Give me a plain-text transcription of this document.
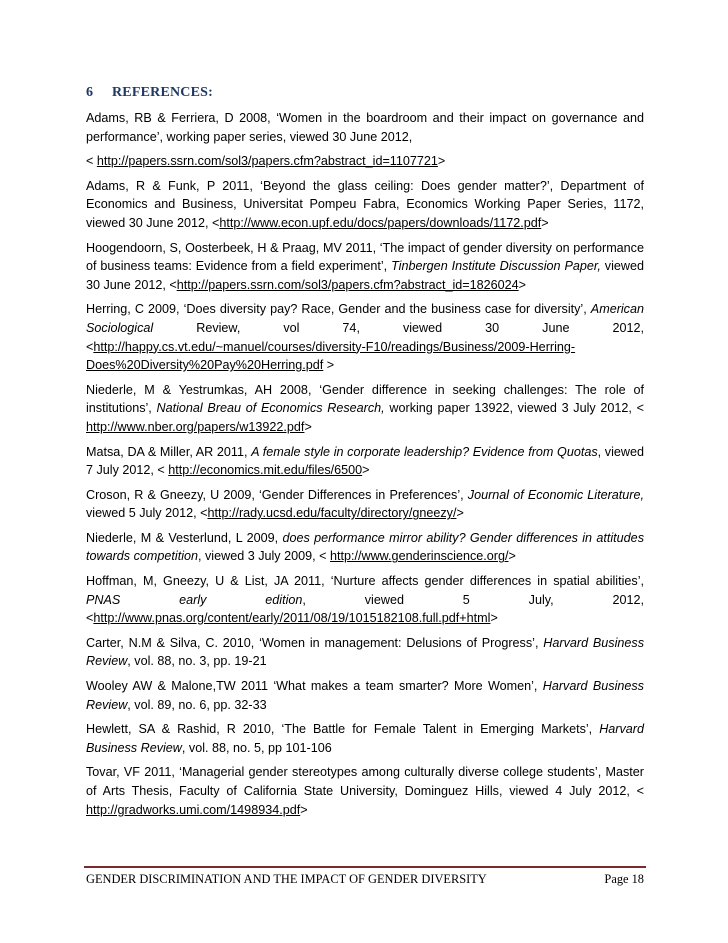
6 REFERENCES:

Adams, RB & Ferriera, D 2008, ‘Women in the boardroom and their impact on governance and performance’, working paper series, viewed 30 June 2012,

< http://papers.ssrn.com/sol3/papers.cfm?abstract_id=1107721>

Adams, R & Funk, P 2011, ‘Beyond the glass ceiling: Does gender matter?’, Department of Economics and Business, Universitat Pompeu Fabra, Economics Working Paper Series, 1172, viewed 30 June 2012, <http://www.econ.upf.edu/docs/papers/downloads/1172.pdf>

Hoogendoorn, S, Oosterbeek, H & Praag, MV 2011, ‘The impact of gender diversity on performance of business teams: Evidence from a field experiment’, Tinbergen Institute Discussion Paper, viewed 30 June 2012, <http://papers.ssrn.com/sol3/papers.cfm?abstract_id=1826024>

Herring, C 2009, ‘Does diversity pay? Race, Gender and the business case for diversity’, American Sociological Review, vol 74, viewed 30 June 2012, <http://happy.cs.vt.edu/~manuel/courses/diversity-F10/readings/Business/2009-Herring-Does%20Diversity%20Pay%20Herring.pdf >

Niederle, M & Yestrumkas, AH 2008, ‘Gender difference in seeking challenges: The role of institutions’, National Breau of Economics Research, working paper 13922, viewed 3 July 2012, < http://www.nber.org/papers/w13922.pdf>

Matsa, DA & Miller, AR 2011, A female style in corporate leadership? Evidence from Quotas, viewed 7 July 2012, < http://economics.mit.edu/files/6500>

Croson, R & Gneezy, U 2009, ‘Gender Differences in Preferences’, Journal of Economic Literature, viewed 5 July 2012, <http://rady.ucsd.edu/faculty/directory/gneezy/>

Niederle, M & Vesterlund, L 2009, does performance mirror ability? Gender differences in attitudes towards competition, viewed 3 July 2009, < http://www.genderinscience.org/>

Hoffman, M, Gneezy, U & List, JA 2011, ‘Nurture affects gender differences in spatial abilities’, PNAS early edition, viewed 5 July, 2012, <http://www.pnas.org/content/early/2011/08/19/1015182108.full.pdf+html>

Carter, N.M & Silva, C. 2010, ‘Women in management: Delusions of Progress’, Harvard Business Review, vol. 88, no. 3, pp. 19-21

Wooley AW & Malone,TW 2011 ‘What makes a team smarter? More Women’, Harvard Business Review, vol. 89, no. 6, pp. 32-33

Hewlett, SA & Rashid, R 2010, ‘The Battle for Female Talent in Emerging Markets’, Harvard Business Review, vol. 88, no. 5, pp 101-106

Tovar, VF 2011, ‘Managerial gender stereotypes among culturally diverse college students’, Master of Arts Thesis, Faculty of California State University, Dominguez Hills, viewed 4 July 2012, < http://gradworks.umi.com/1498934.pdf>

GENDER DISCRIMINATION AND THE IMPACT OF GENDER DIVERSITY	Page 18
